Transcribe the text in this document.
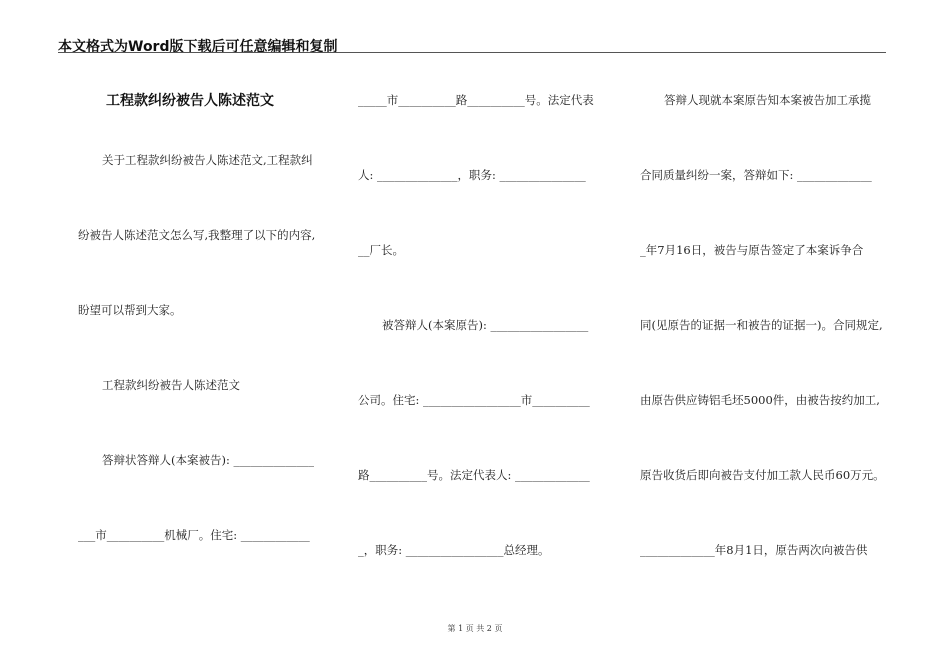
本文格式为Word版下载后可任意编辑和复制
工程款纠纷被告人陈述范文
关于工程款纠纷被告人陈述范文,工程款纠
纷被告人陈述范文怎么写,我整理了以下的内容,
盼望可以帮到大家。
工程款纠纷被告人陈述范文
答辩状答辩人(本案被告): ______________
___市__________机械厂。住宅: ____________
_____市__________路__________号。法定代表
人: ______________，职务: _______________
__厂长。
被答辩人(本案原告): _________________
公司。住宅: _________________市__________
路__________号。法定代表人: _____________
_，职务: _________________总经理。
答辩人现就本案原告知本案被告加工承揽
合同质量纠纷一案，答辩如下: _____________
_年7月16日，被告与原告签定了本案诉争合
同(见原告的证据一和被告的证据一)。合同规定,
由原告供应铸铝毛坯5000件，由被告按约加工,
原告收货后即向被告支付加工款人民币60万元。
_____________年8月1日，原告两次向被告供
第 1 页 共 2 页
